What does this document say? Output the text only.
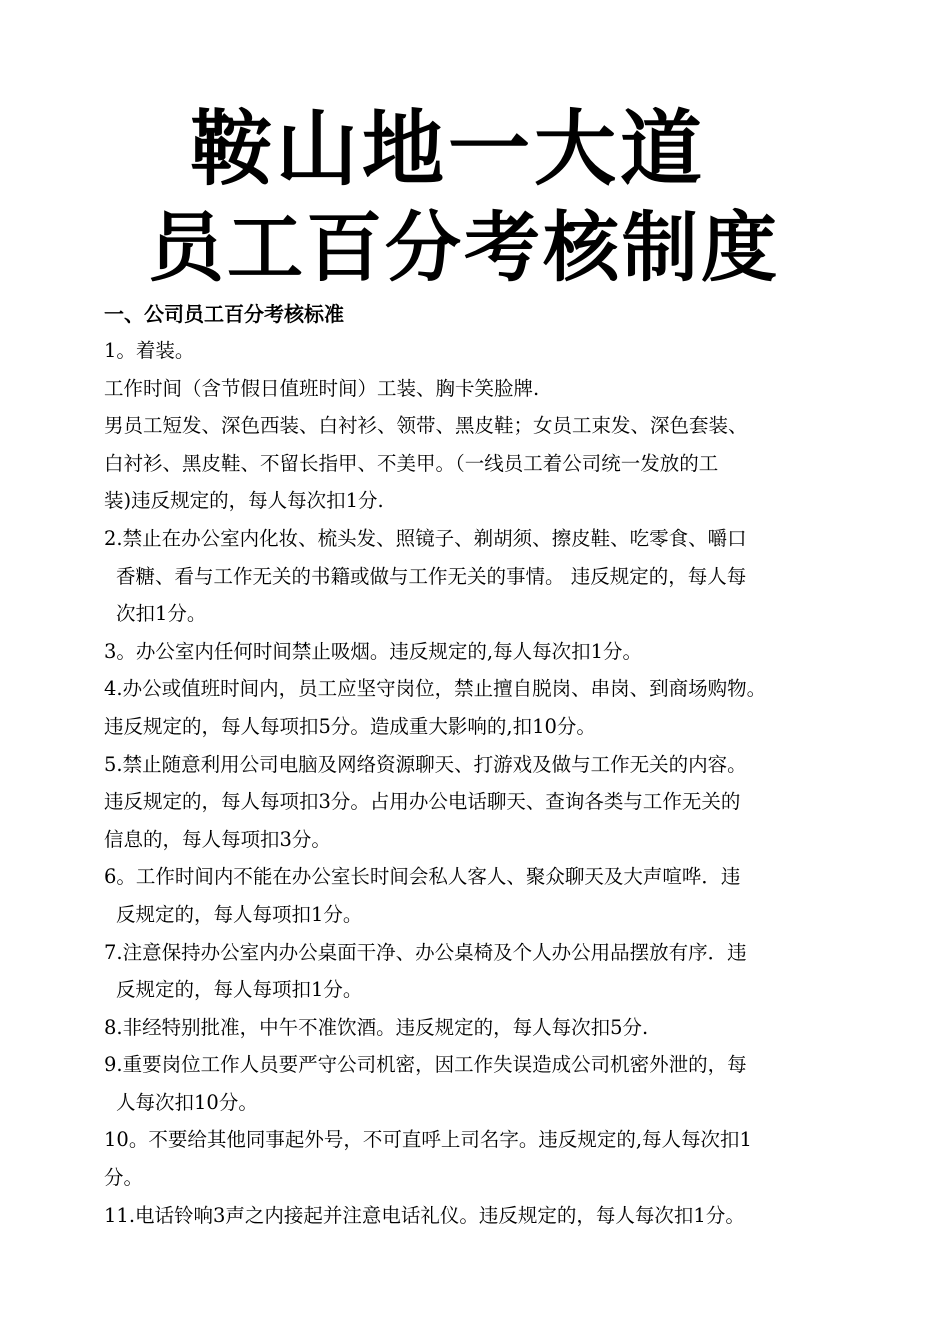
鞍山地一大道
员工百分考核制度
一、公司员工百分考核标准
1。着装。
工作时间（含节假日值班时间）工装、胸卡笑脸牌.
男员工短发、深色西装、白衬衫、领带、黑皮鞋；女员工束发、深色套装、
白衬衫、黑皮鞋、不留长指甲、不美甲。（一线员工着公司统一发放的工
装)违反规定的，每人每次扣1分.
2.禁止在办公室内化妆、梳头发、照镜子、剃胡须、擦皮鞋、吃零食、嚼口
香糖、看与工作无关的书籍或做与工作无关的事情。 违反规定的，每人每
次扣1分。
3。办公室内任何时间禁止吸烟。违反规定的,每人每次扣1分。
4.办公或值班时间内，员工应坚守岗位，禁止擅自脱岗、串岗、到商场购物。
违反规定的，每人每项扣5分。造成重大影响的,扣10分。
5.禁止随意利用公司电脑及网络资源聊天、打游戏及做与工作无关的内容。
违反规定的，每人每项扣3分。占用办公电话聊天、查询各类与工作无关的
信息的，每人每项扣3分。
6。工作时间内不能在办公室长时间会私人客人、聚众聊天及大声喧哗．违
反规定的，每人每项扣1分。
7.注意保持办公室内办公桌面干净、办公桌椅及个人办公用品摆放有序．违
反规定的，每人每项扣1分。
8.非经特别批准，中午不准饮酒。违反规定的，每人每次扣5分.
9.重要岗位工作人员要严守公司机密，因工作失误造成公司机密外泄的，每
人每次扣10分。
10。不要给其他同事起外号，不可直呼上司名字。违反规定的,每人每次扣1
分。
11.电话铃响3声之内接起并注意电话礼仪。违反规定的，每人每次扣1分。
